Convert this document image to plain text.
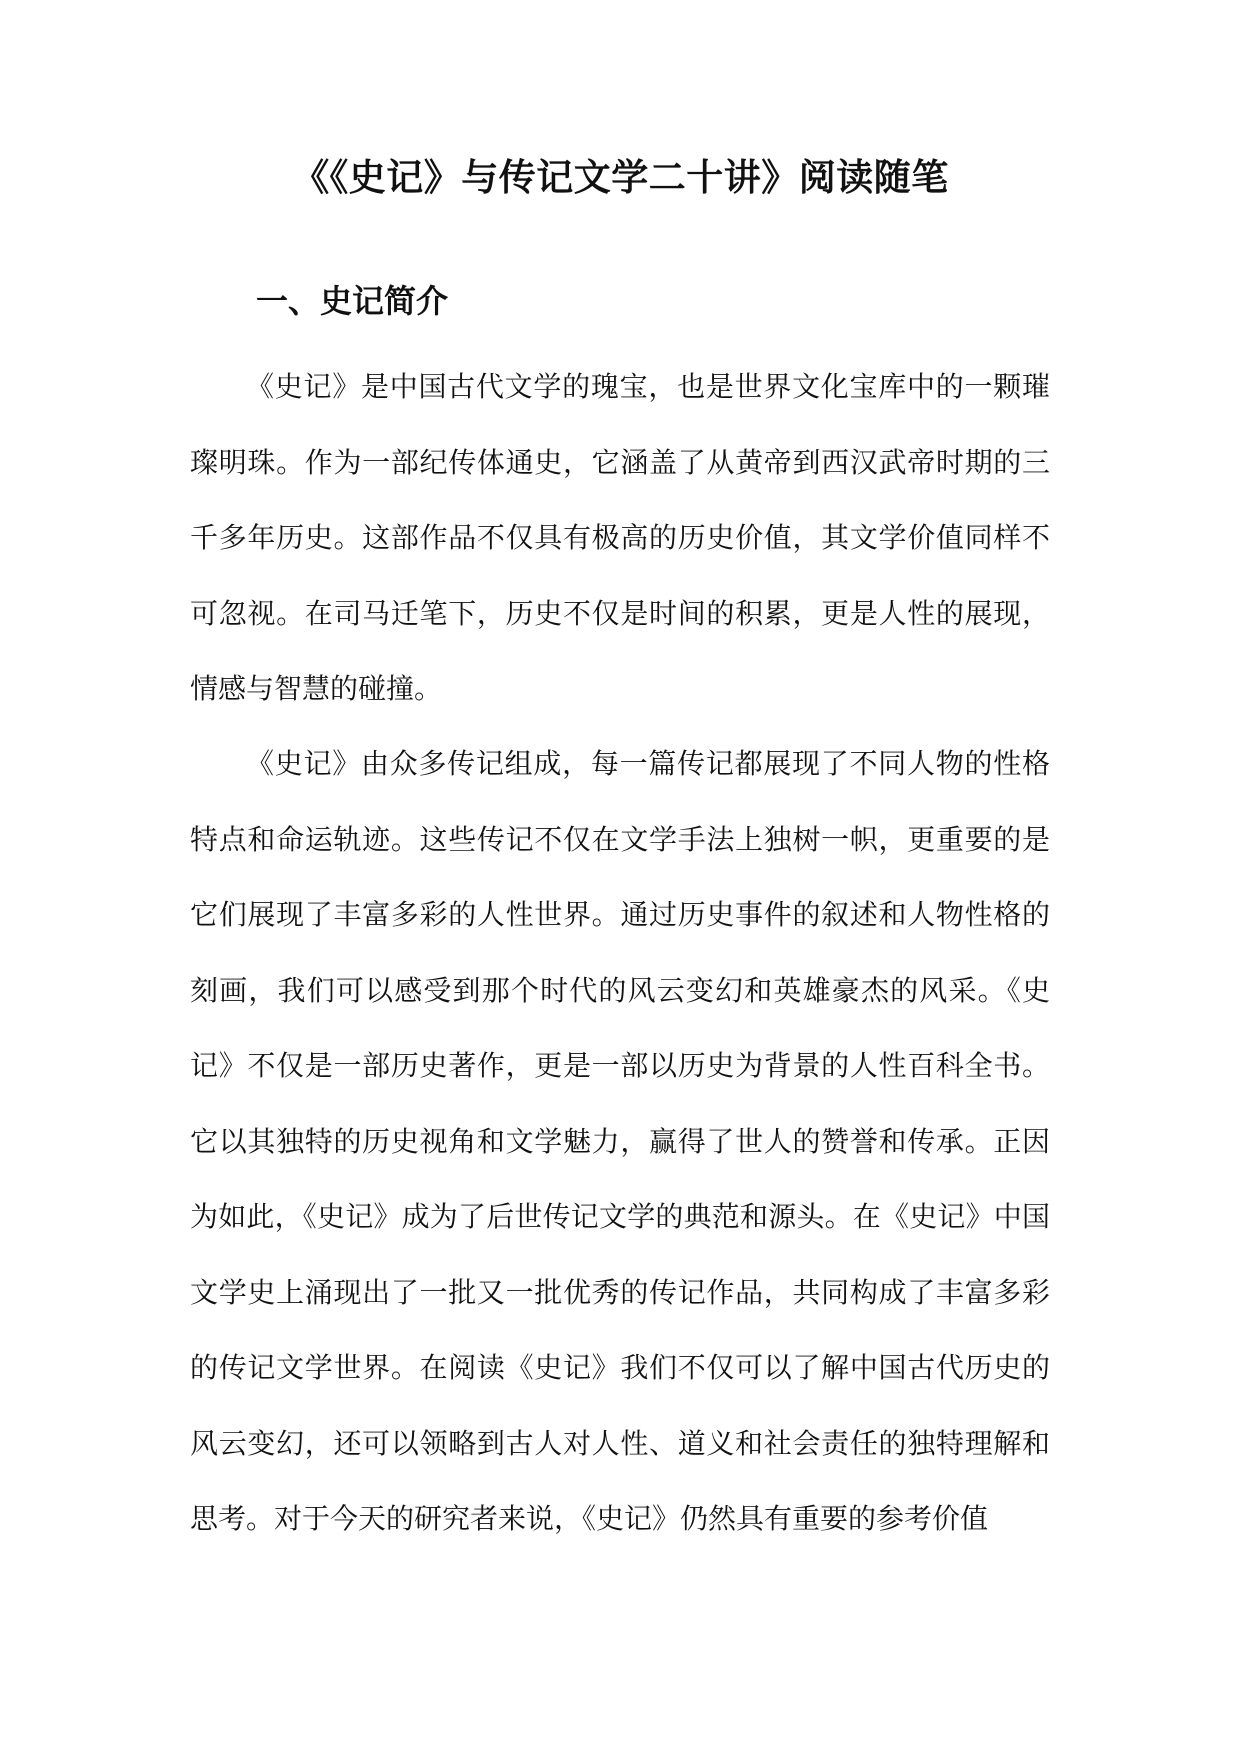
《《史记》与传记文学二十讲》阅读随笔
一、史记简介

《史记》是中国古代文学的瑰宝，也是世界文化宝库中的一颗璀璨明珠。作为一部纪传体通史，它涵盖了从黄帝到西汉武帝时期的三千多年历史。这部作品不仅具有极高的历史价值，其文学价值同样不可忽视。在司马迁笔下，历史不仅是时间的积累，更是人性的展现，情感与智慧的碰撞。

《史记》由众多传记组成，每一篇传记都展现了不同人物的性格特点和命运轨迹。这些传记不仅在文学手法上独树一帜，更重要的是它们展现了丰富多彩的人性世界。通过历史事件的叙述和人物性格的刻画，我们可以感受到那个时代的风云变幻和英雄豪杰的风采。《史记》不仅是一部历史著作，更是一部以历史为背景的人性百科全书。它以其独特的历史视角和文学魅力，赢得了世人的赞誉和传承。正因为如此，《史记》成为了后世传记文学的典范和源头。在《史记》中国文学史上涌现出了一批又一批优秀的传记作品，共同构成了丰富多彩的传记文学世界。在阅读《史记》我们不仅可以了解中国古代历史的风云变幻，还可以领略到古人对人性、道义和社会责任的独特理解和思考。对于今天的研究者来说，《史记》仍然具有重要的参考价值
